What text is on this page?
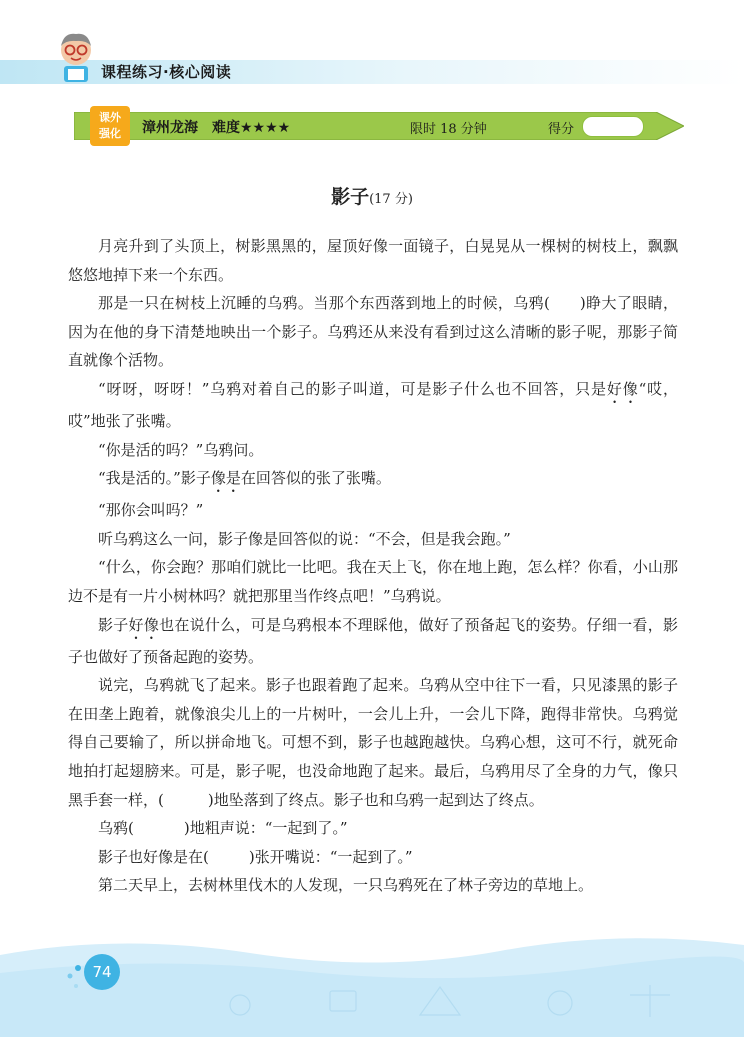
课程练习·核心阅读
课外
强化	漳州龙海 难度★★★★	限时 18 分钟	得分
影子(17 分)

月亮升到了头顶上，树影黑黑的，屋顶好像一面镜子，白晃晃从一棵树的树枝上，飘飘悠悠地掉下来一个东西。

那是一只在树枝上沉睡的乌鸦。当那个东西落到地上的时候，乌鸦( )睁大了眼睛，因为在他的身下清楚地映出一个影子。乌鸦还从来没有看到过这么清晰的影子呢，那影子简直就像个活物。

“呀呀，呀呀！”乌鸦对着自己的影子叫道，可是影子什么也不回答，只是好像“哎，哎”地张了张嘴。

“你是活的吗？”乌鸦问。

“我是活的。”影子像是在回答似的张了张嘴。

“那你会叫吗？”

听乌鸦这么一问，影子像是回答似的说：“不会，但是我会跑。”

“什么，你会跑？那咱们就比一比吧。我在天上飞，你在地上跑，怎么样？你看，小山那边不是有一片小树林吗？就把那里当作终点吧！”乌鸦说。

影子好像也在说什么，可是乌鸦根本不理睬他，做好了预备起飞的姿势。仔细一看，影子也做好了预备起跑的姿势。

说完，乌鸦就飞了起来。影子也跟着跑了起来。乌鸦从空中往下一看，只见漆黑的影子在田垄上跑着，就像浪尖儿上的一片树叶，一会儿上升，一会儿下降，跑得非常快。乌鸦觉得自己要输了，所以拼命地飞。可想不到，影子也越跑越快。乌鸦心想，这可不行，就死命地拍打起翅膀来。可是，影子呢，也没命地跑了起来。最后，乌鸦用尽了全身的力气，像只黑手套一样，(	)地坠落到了终点。影子也和乌鸦一起到达了终点。

乌鸦(	)地粗声说：“一起到了。”

影子也好像是在(	)张开嘴说：“一起到了。”

第二天早上，去树林里伐木的人发现，一只乌鸦死在了林子旁边的草地上。

74
